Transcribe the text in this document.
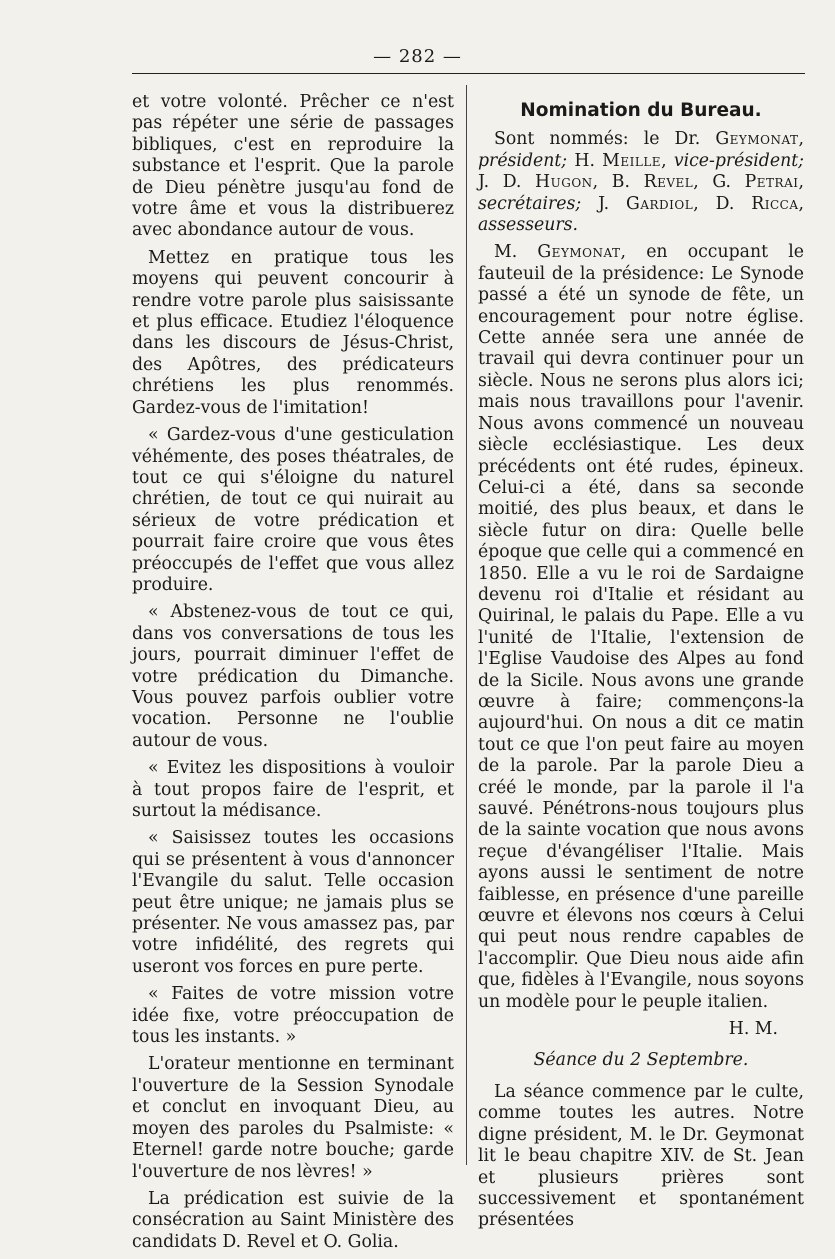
— 282 —

et votre volonté. Prêcher ce n'est pas répéter une série de passages bibliques, c'est en reproduire la substance et l'esprit. Que la parole de Dieu pénètre jusqu'au fond de votre âme et vous la distribuerez avec abondance autour de vous.

Mettez en pratique tous les moyens qui peuvent concourir à rendre votre parole plus saisissante et plus efficace. Etudiez l'éloquence dans les discours de Jésus-Christ, des Apôtres, des prédicateurs chrétiens les plus renommés. Gardez-vous de l'imitation!

« Gardez-vous d'une gesticulation véhémente, des poses théatrales, de tout ce qui s'éloigne du naturel chrétien, de tout ce qui nuirait au sérieux de votre prédication et pourrait faire croire que vous êtes préoccupés de l'effet que vous allez produire.

« Abstenez-vous de tout ce qui, dans vos conversations de tous les jours, pourrait diminuer l'effet de votre prédication du Dimanche. Vous pouvez parfois oublier votre vocation. Personne ne l'oublie autour de vous.

« Evitez les dispositions à vouloir à tout propos faire de l'esprit, et surtout la médisance.

« Saisissez toutes les occasions qui se présentent à vous d'annoncer l'Evangile du salut. Telle occasion peut être unique; ne jamais plus se présenter. Ne vous amassez pas, par votre infidélité, des regrets qui useront vos forces en pure perte.

« Faites de votre mission votre idée fixe, votre préoccupation de tous les instants. »

L'orateur mentionne en terminant l'ouverture de la Session Synodale et conclut en invoquant Dieu, au moyen des paroles du Psalmiste: « Eternel! garde notre bouche; garde l'ouverture de nos lèvres! »

La prédication est suivie de la consécration au Saint Ministère des candidats D. Revel et O. Golia.

Nomination du Bureau.

Sont nommés: le Dr. Geymonat, président; H. Meille, vice-président; J. D. Hugon, B. Revel, G. Petrai, secrétaires; J. Gardiol, D. Ricca, assesseurs.

M. Geymonat, en occupant le fauteuil de la présidence: Le Synode passé a été un synode de fête, un encouragement pour notre église. Cette année sera une année de travail qui devra continuer pour un siècle. Nous ne serons plus alors ici; mais nous travaillons pour l'avenir. Nous avons commencé un nouveau siècle ecclésiastique. Les deux précédents ont été rudes, épineux. Celui-ci a été, dans sa seconde moitié, des plus beaux, et dans le siècle futur on dira: Quelle belle époque que celle qui a commencé en 1850. Elle a vu le roi de Sardaigne devenu roi d'Italie et résidant au Quirinal, le palais du Pape. Elle a vu l'unité de l'Italie, l'extension de l'Eglise Vaudoise des Alpes au fond de la Sicile. Nous avons une grande œuvre à faire; commençons-la aujourd'hui. On nous a dit ce matin tout ce que l'on peut faire au moyen de la parole. Par la parole Dieu a créé le monde, par la parole il l'a sauvé. Pénétrons-nous toujours plus de la sainte vocation que nous avons reçue d'évangéliser l'Italie. Mais ayons aussi le sentiment de notre faiblesse, en présence d'une pareille œuvre et élevons nos cœurs à Celui qui peut nous rendre capables de l'accomplir. Que Dieu nous aide afin que, fidèles à l'Evangile, nous soyons un modèle pour le peuple italien.

H. M.
Séance du 2 Septembre.

La séance commence par le culte, comme toutes les autres. Notre digne président, M. le Dr. Geymonat lit le beau chapitre XIV. de St. Jean et plusieurs prières sont successivement et spontanément présentées
